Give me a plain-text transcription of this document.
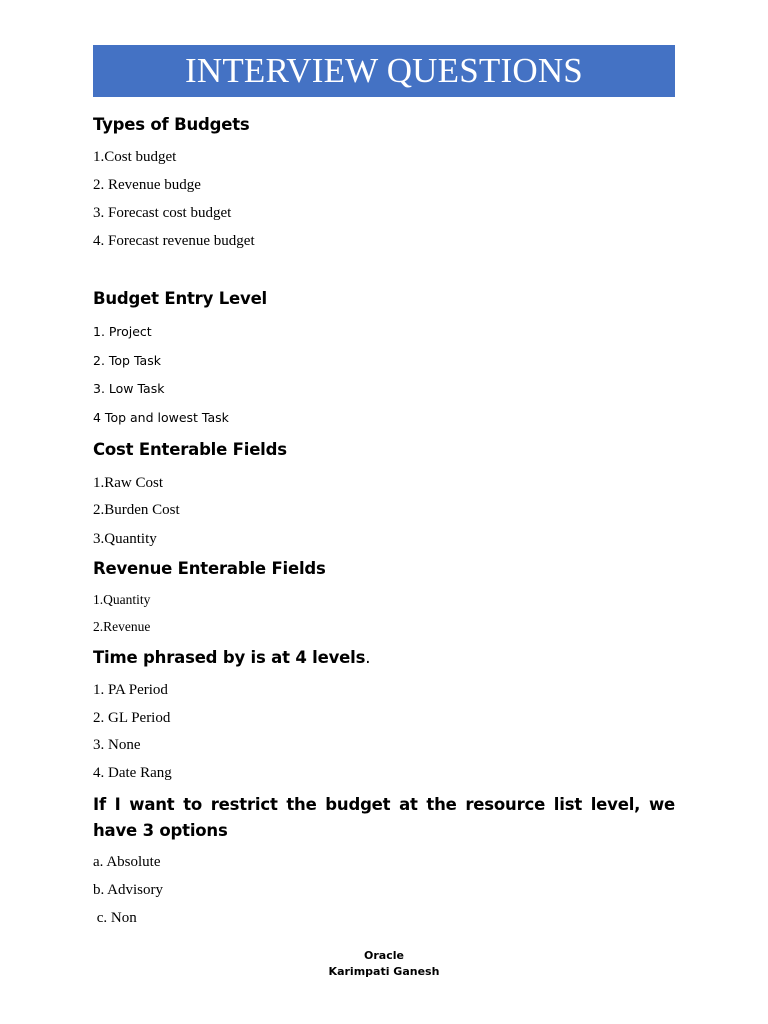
INTERVIEW QUESTIONS
Types of Budgets
1.Cost budget
2. Revenue budge
3. Forecast cost budget
4. Forecast revenue budget
Budget Entry Level
1. Project
2. Top Task
3. Low Task
4 Top and lowest Task
Cost Enterable Fields
1.Raw Cost
2.Burden Cost
3.Quantity
Revenue Enterable Fields
1.Quantity
2.Revenue
Time phrased by is at 4 levels.
1. PA Period
2. GL Period
3. None
4. Date Rang
If I want to restrict the budget at the resource list level, we have 3 options
a. Absolute
b. Advisory
c. Non
Oracle
Karimpati Ganesh
